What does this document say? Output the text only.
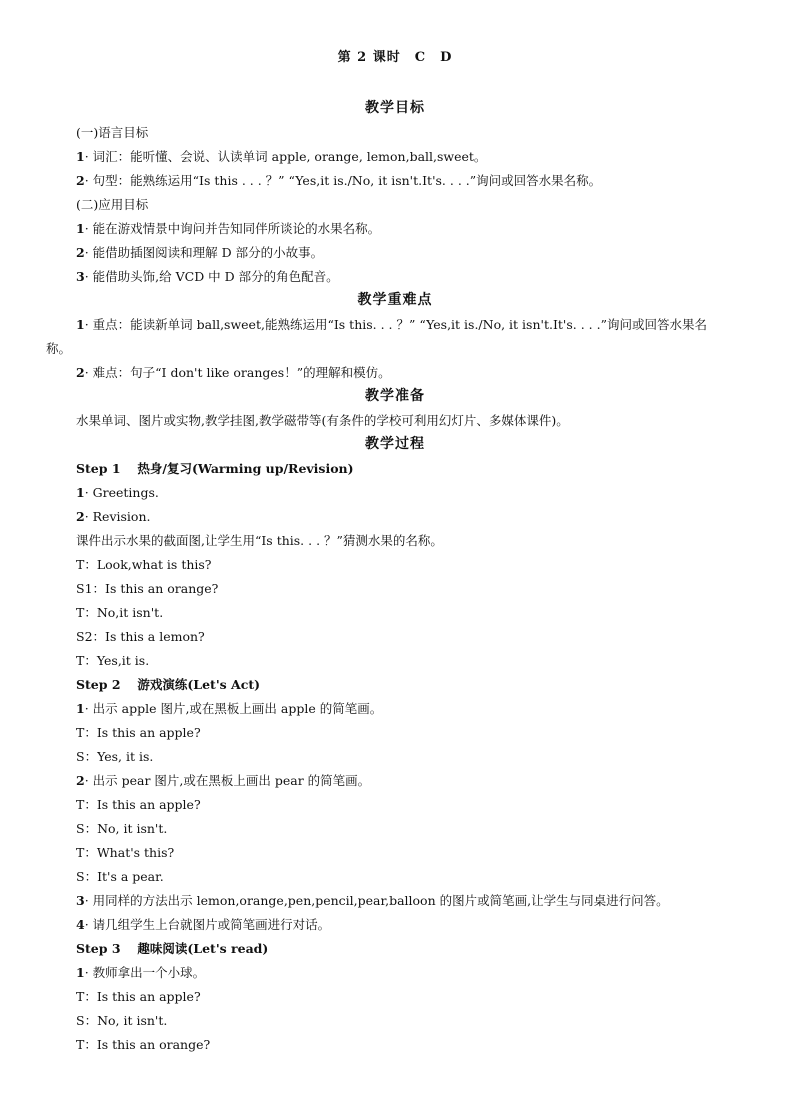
第 2 课时　C　D
教学目标
(一)语言目标
1· 词汇：能听懂、会说、认读单词 apple, orange, lemon,ball,sweet。
2· 句型：能熟练运用“Is this . . . ？” “Yes,it is./No, it isn't.It's. . . .”询问或回答水果名称。
(二)应用目标
1· 能在游戏情景中询问并告知同伴所谈论的水果名称。
2· 能借助插图阅读和理解 D 部分的小故事。
3· 能借助头饰,给 VCD 中 D 部分的角色配音。
教学重难点
1· 重点：能读新单词 ball,sweet,能熟练运用“Is this. . . ？” “Yes,it is./No, it isn't.It's. . . .”询问或回答水果名
称。
2· 难点：句子“I don't like oranges！”的理解和模仿。
教学准备
水果单词、图片或实物,教学挂图,教学磁带等(有条件的学校可利用幻灯片、多媒体课件)。
教学过程
Step 1　 热身/复习(Warming up/Revision)
1· Greetings.
2· Revision.
课件出示水果的截面图,让学生用“Is this. . . ？”猜测水果的名称。
T：Look,what is this?
S1：Is this an orange?
T：No,it isn't.
S2：Is this a lemon?
T：Yes,it is.
Step 2　 游戏演练(Let's Act)
1· 出示 apple 图片,或在黑板上画出 apple 的简笔画。
T：Is this an apple?
S：Yes, it is.
2· 出示 pear 图片,或在黑板上画出 pear 的简笔画。
T：Is this an apple?
S：No, it isn't.
T：What's this?
S：It's a pear.
3· 用同样的方法出示 lemon,orange,pen,pencil,pear,balloon 的图片或简笔画,让学生与同桌进行问答。
4· 请几组学生上台就图片或简笔画进行对话。
Step 3　 趣味阅读(Let's read)
1· 教师拿出一个小球。
T：Is this an apple?
S：No, it isn't.
T：Is this an orange?
